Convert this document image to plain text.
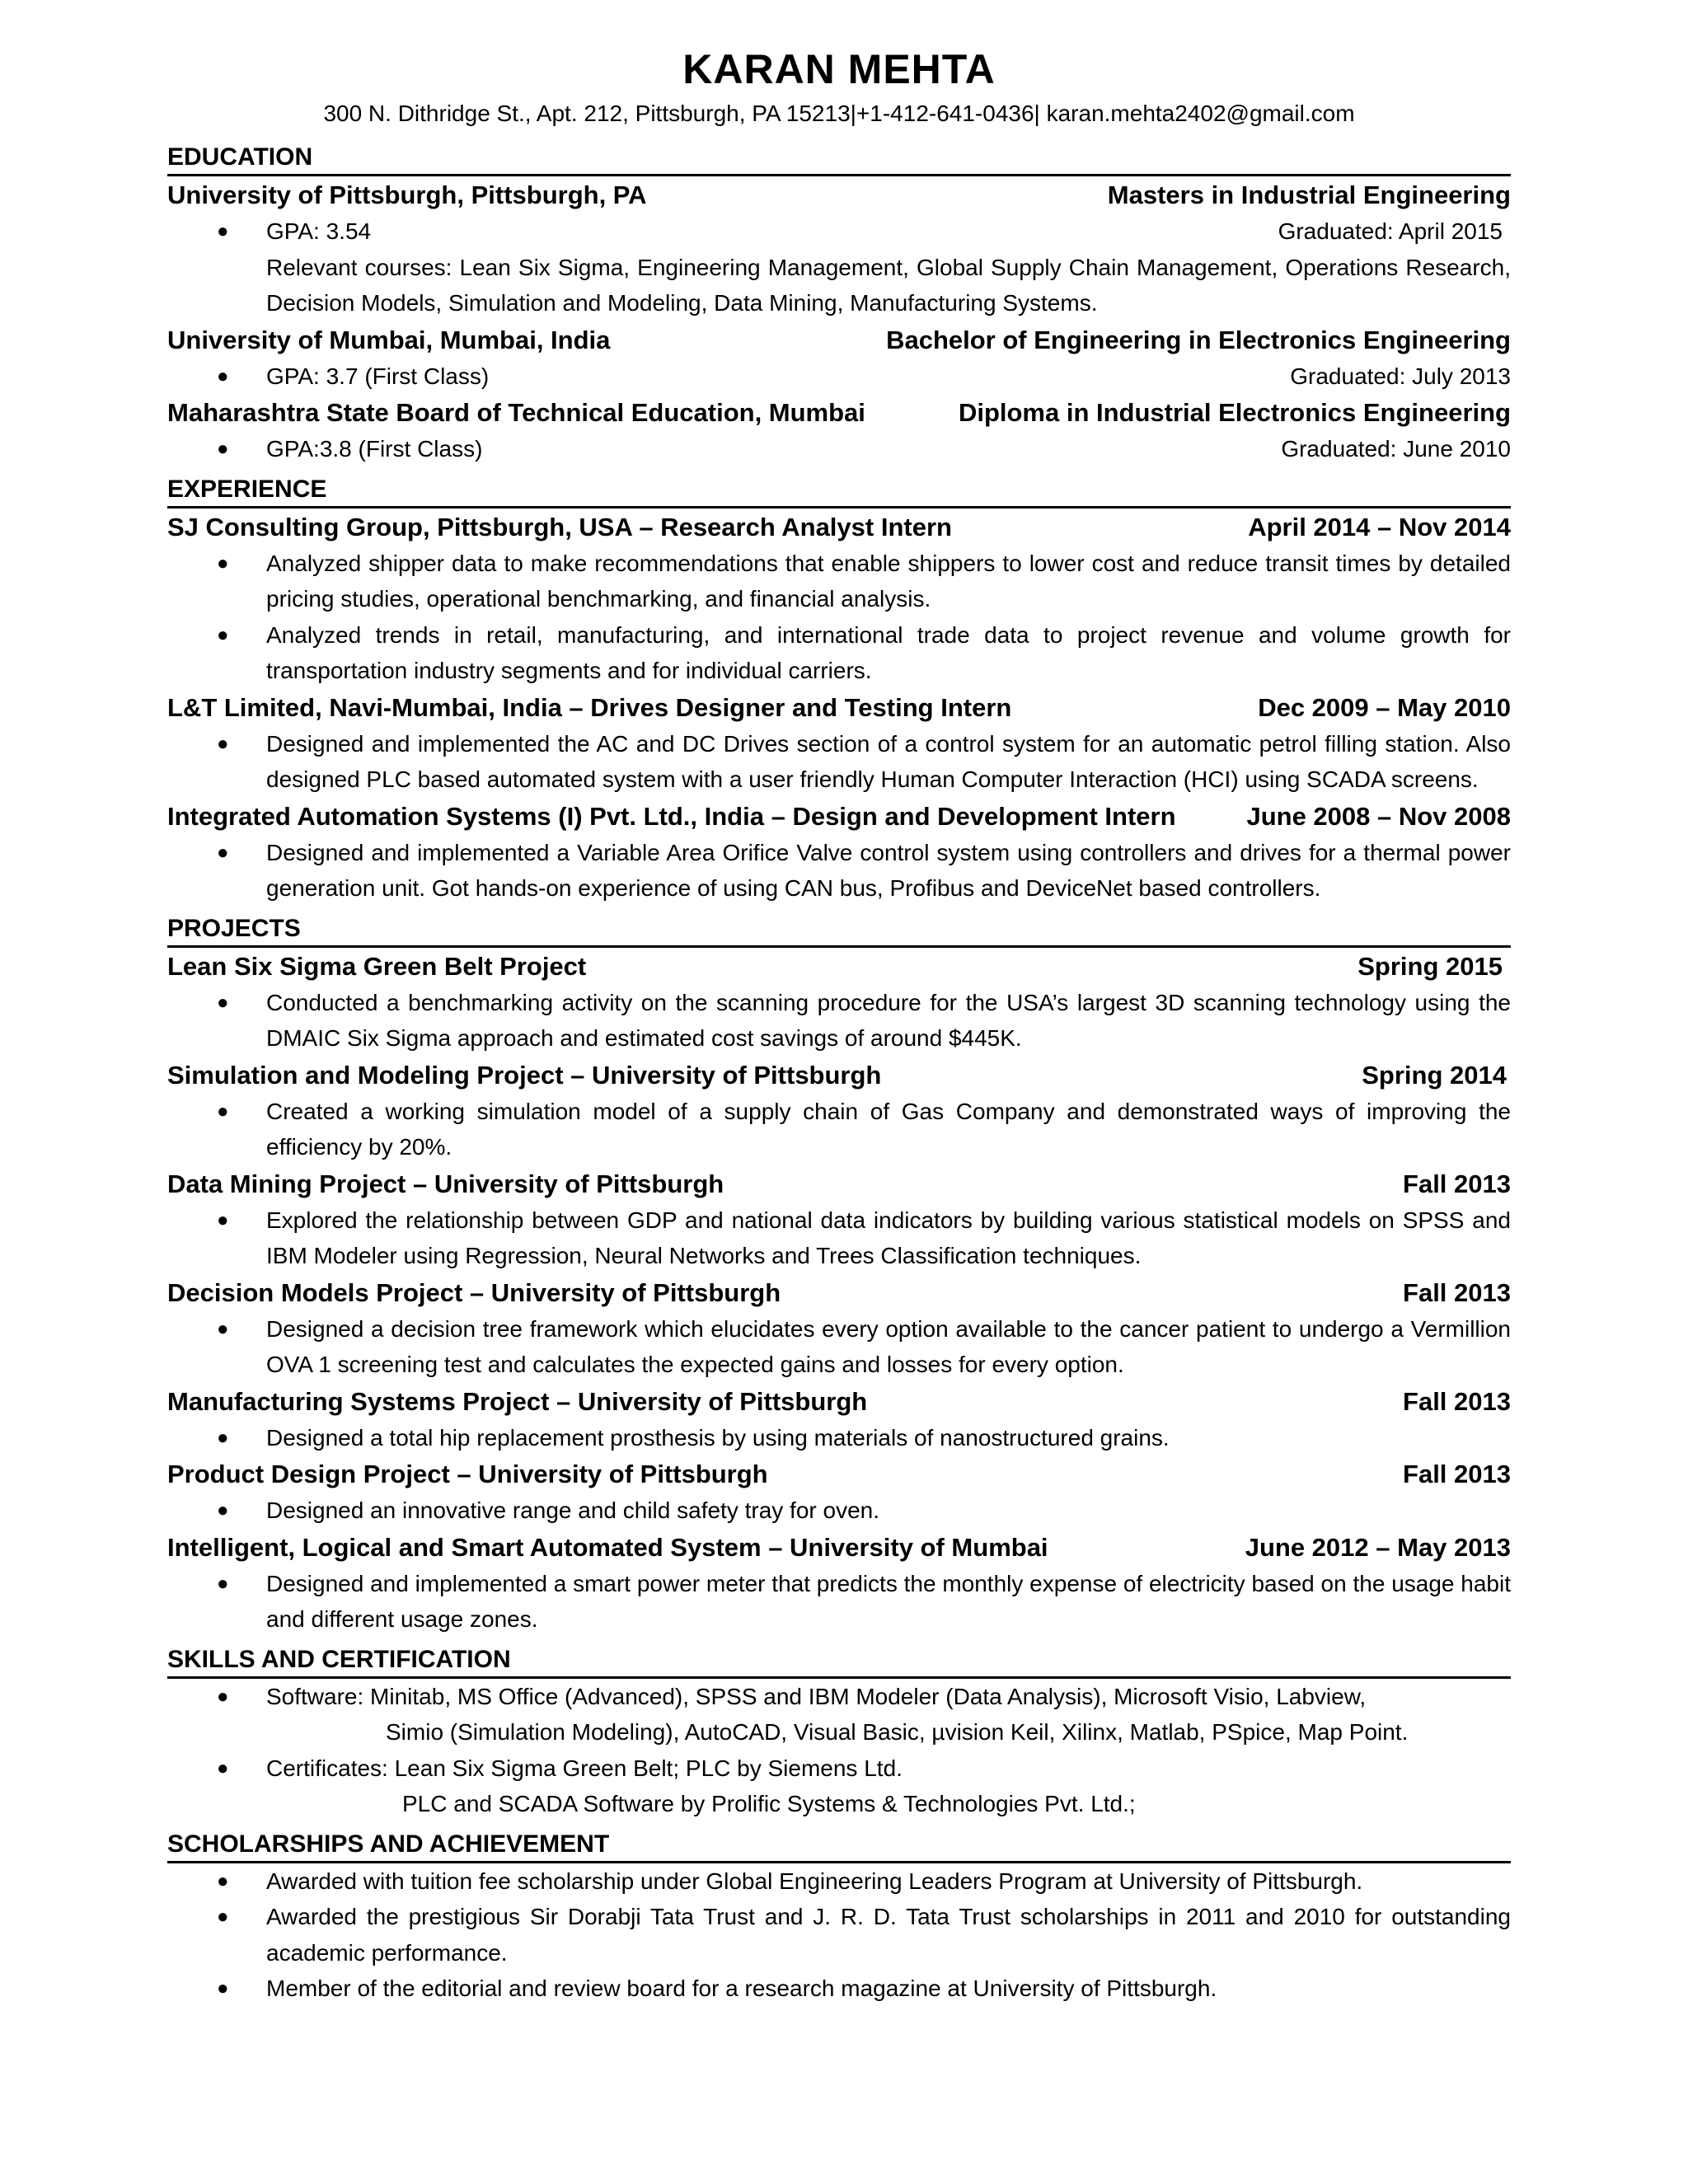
KARAN MEHTA
300 N. Dithridge St., Apt. 212, Pittsburgh, PA 15213|+1-412-641-0436| karan.mehta2402@gmail.com
EDUCATION
University of Pittsburgh, Pittsburgh, PA	Masters in Industrial Engineering
● GPA: 3.54	Graduated: April 2015
Relevant courses: Lean Six Sigma, Engineering Management, Global Supply Chain Management, Operations Research, Decision Models, Simulation and Modeling, Data Mining, Manufacturing Systems.
University of Mumbai, Mumbai, India	Bachelor of Engineering in Electronics Engineering
● GPA: 3.7 (First Class)	Graduated: July 2013
Maharashtra State Board of Technical Education, Mumbai	Diploma in Industrial Electronics Engineering
● GPA:3.8 (First Class)	Graduated: June 2010
EXPERIENCE
SJ Consulting Group, Pittsburgh, USA – Research Analyst Intern	April 2014 – Nov 2014
● Analyzed shipper data to make recommendations that enable shippers to lower cost and reduce transit times by detailed pricing studies, operational benchmarking, and financial analysis.
● Analyzed trends in retail, manufacturing, and international trade data to project revenue and volume growth for transportation industry segments and for individual carriers.
L&T Limited, Navi-Mumbai, India – Drives Designer and Testing Intern	Dec 2009 – May 2010
● Designed and implemented the AC and DC Drives section of a control system for an automatic petrol filling station. Also designed PLC based automated system with a user friendly Human Computer Interaction (HCI) using SCADA screens.
Integrated Automation Systems (I) Pvt. Ltd., India – Design and Development Intern	June 2008 – Nov 2008
● Designed and implemented a Variable Area Orifice Valve control system using controllers and drives for a thermal power generation unit. Got hands-on experience of using CAN bus, Profibus and DeviceNet based controllers.
PROJECTS
Lean Six Sigma Green Belt Project	Spring 2015
● Conducted a benchmarking activity on the scanning procedure for the USA’s largest 3D scanning technology using the DMAIC Six Sigma approach and estimated cost savings of around $445K.
Simulation and Modeling Project – University of Pittsburgh	Spring 2014
● Created a working simulation model of a supply chain of Gas Company and demonstrated ways of improving the efficiency by 20%.
Data Mining Project – University of Pittsburgh	Fall 2013
● Explored the relationship between GDP and national data indicators by building various statistical models on SPSS and IBM Modeler using Regression, Neural Networks and Trees Classification techniques.
Decision Models Project – University of Pittsburgh	Fall 2013
● Designed a decision tree framework which elucidates every option available to the cancer patient to undergo a Vermillion OVA 1 screening test and calculates the expected gains and losses for every option.
Manufacturing Systems Project – University of Pittsburgh	Fall 2013
● Designed a total hip replacement prosthesis by using materials of nanostructured grains.
Product Design Project – University of Pittsburgh	Fall 2013
● Designed an innovative range and child safety tray for oven.
Intelligent, Logical and Smart Automated System – University of Mumbai	June 2012 – May 2013
● Designed and implemented a smart power meter that predicts the monthly expense of electricity based on the usage habit and different usage zones.
SKILLS AND CERTIFICATION
● Software: Minitab, MS Office (Advanced), SPSS and IBM Modeler (Data Analysis), Microsoft Visio, Labview,
Simio (Simulation Modeling), AutoCAD, Visual Basic, µvision Keil, Xilinx, Matlab, PSpice, Map Point.
● Certificates: Lean Six Sigma Green Belt; PLC by Siemens Ltd.
PLC and SCADA Software by Prolific Systems & Technologies Pvt. Ltd.;
SCHOLARSHIPS AND ACHIEVEMENT
● Awarded with tuition fee scholarship under Global Engineering Leaders Program at University of Pittsburgh.
● Awarded the prestigious Sir Dorabji Tata Trust and J. R. D. Tata Trust scholarships in 2011 and 2010 for outstanding academic performance.
● Member of the editorial and review board for a research magazine at University of Pittsburgh.
